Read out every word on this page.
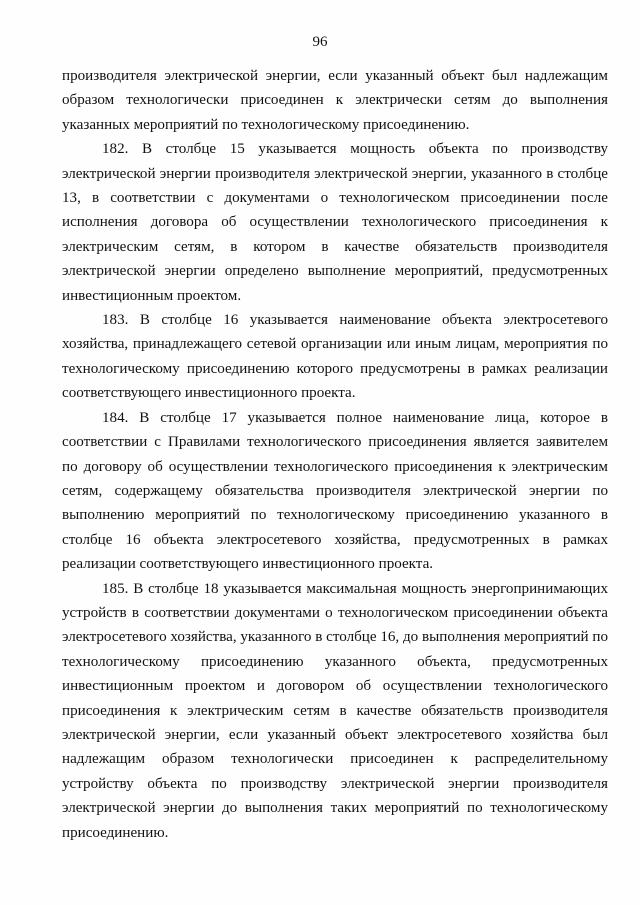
96

производителя электрической энергии, если указанный объект был надлежащим образом технологически присоединен к электрически сетям до выполнения указанных мероприятий по технологическому присоединению.

182. В столбце 15 указывается мощность объекта по производству электрической энергии производителя электрической энергии, указанного в столбце 13, в соответствии с документами о технологическом присоединении после исполнения договора об осуществлении технологического присоединения к электрическим сетям, в котором в качестве обязательств производителя электрической энергии определено выполнение мероприятий, предусмотренных инвестиционным проектом.

183. В столбце 16 указывается наименование объекта электросетевого хозяйства, принадлежащего сетевой организации или иным лицам, мероприятия по технологическому присоединению которого предусмотрены в рамках реализации соответствующего инвестиционного проекта.

184. В столбце 17 указывается полное наименование лица, которое в соответствии с Правилами технологического присоединения является заявителем по договору об осуществлении технологического присоединения к электрическим сетям, содержащему обязательства производителя электрической энергии по выполнению мероприятий по технологическому присоединению указанного в столбце 16 объекта электросетевого хозяйства, предусмотренных в рамках реализации соответствующего инвестиционного проекта.

185. В столбце 18 указывается максимальная мощность энергопринимающих устройств в соответствии документами о технологическом присоединении объекта электросетевого хозяйства, указанного в столбце 16, до выполнения мероприятий по технологическому присоединению указанного объекта, предусмотренных инвестиционным проектом и договором об осуществлении технологического присоединения к электрическим сетям в качестве обязательств производителя электрической энергии, если указанный объект электросетевого хозяйства был надлежащим образом технологически присоединен к распределительному устройству объекта по производству электрической энергии производителя электрической энергии до выполнения таких мероприятий по технологическому присоединению.
